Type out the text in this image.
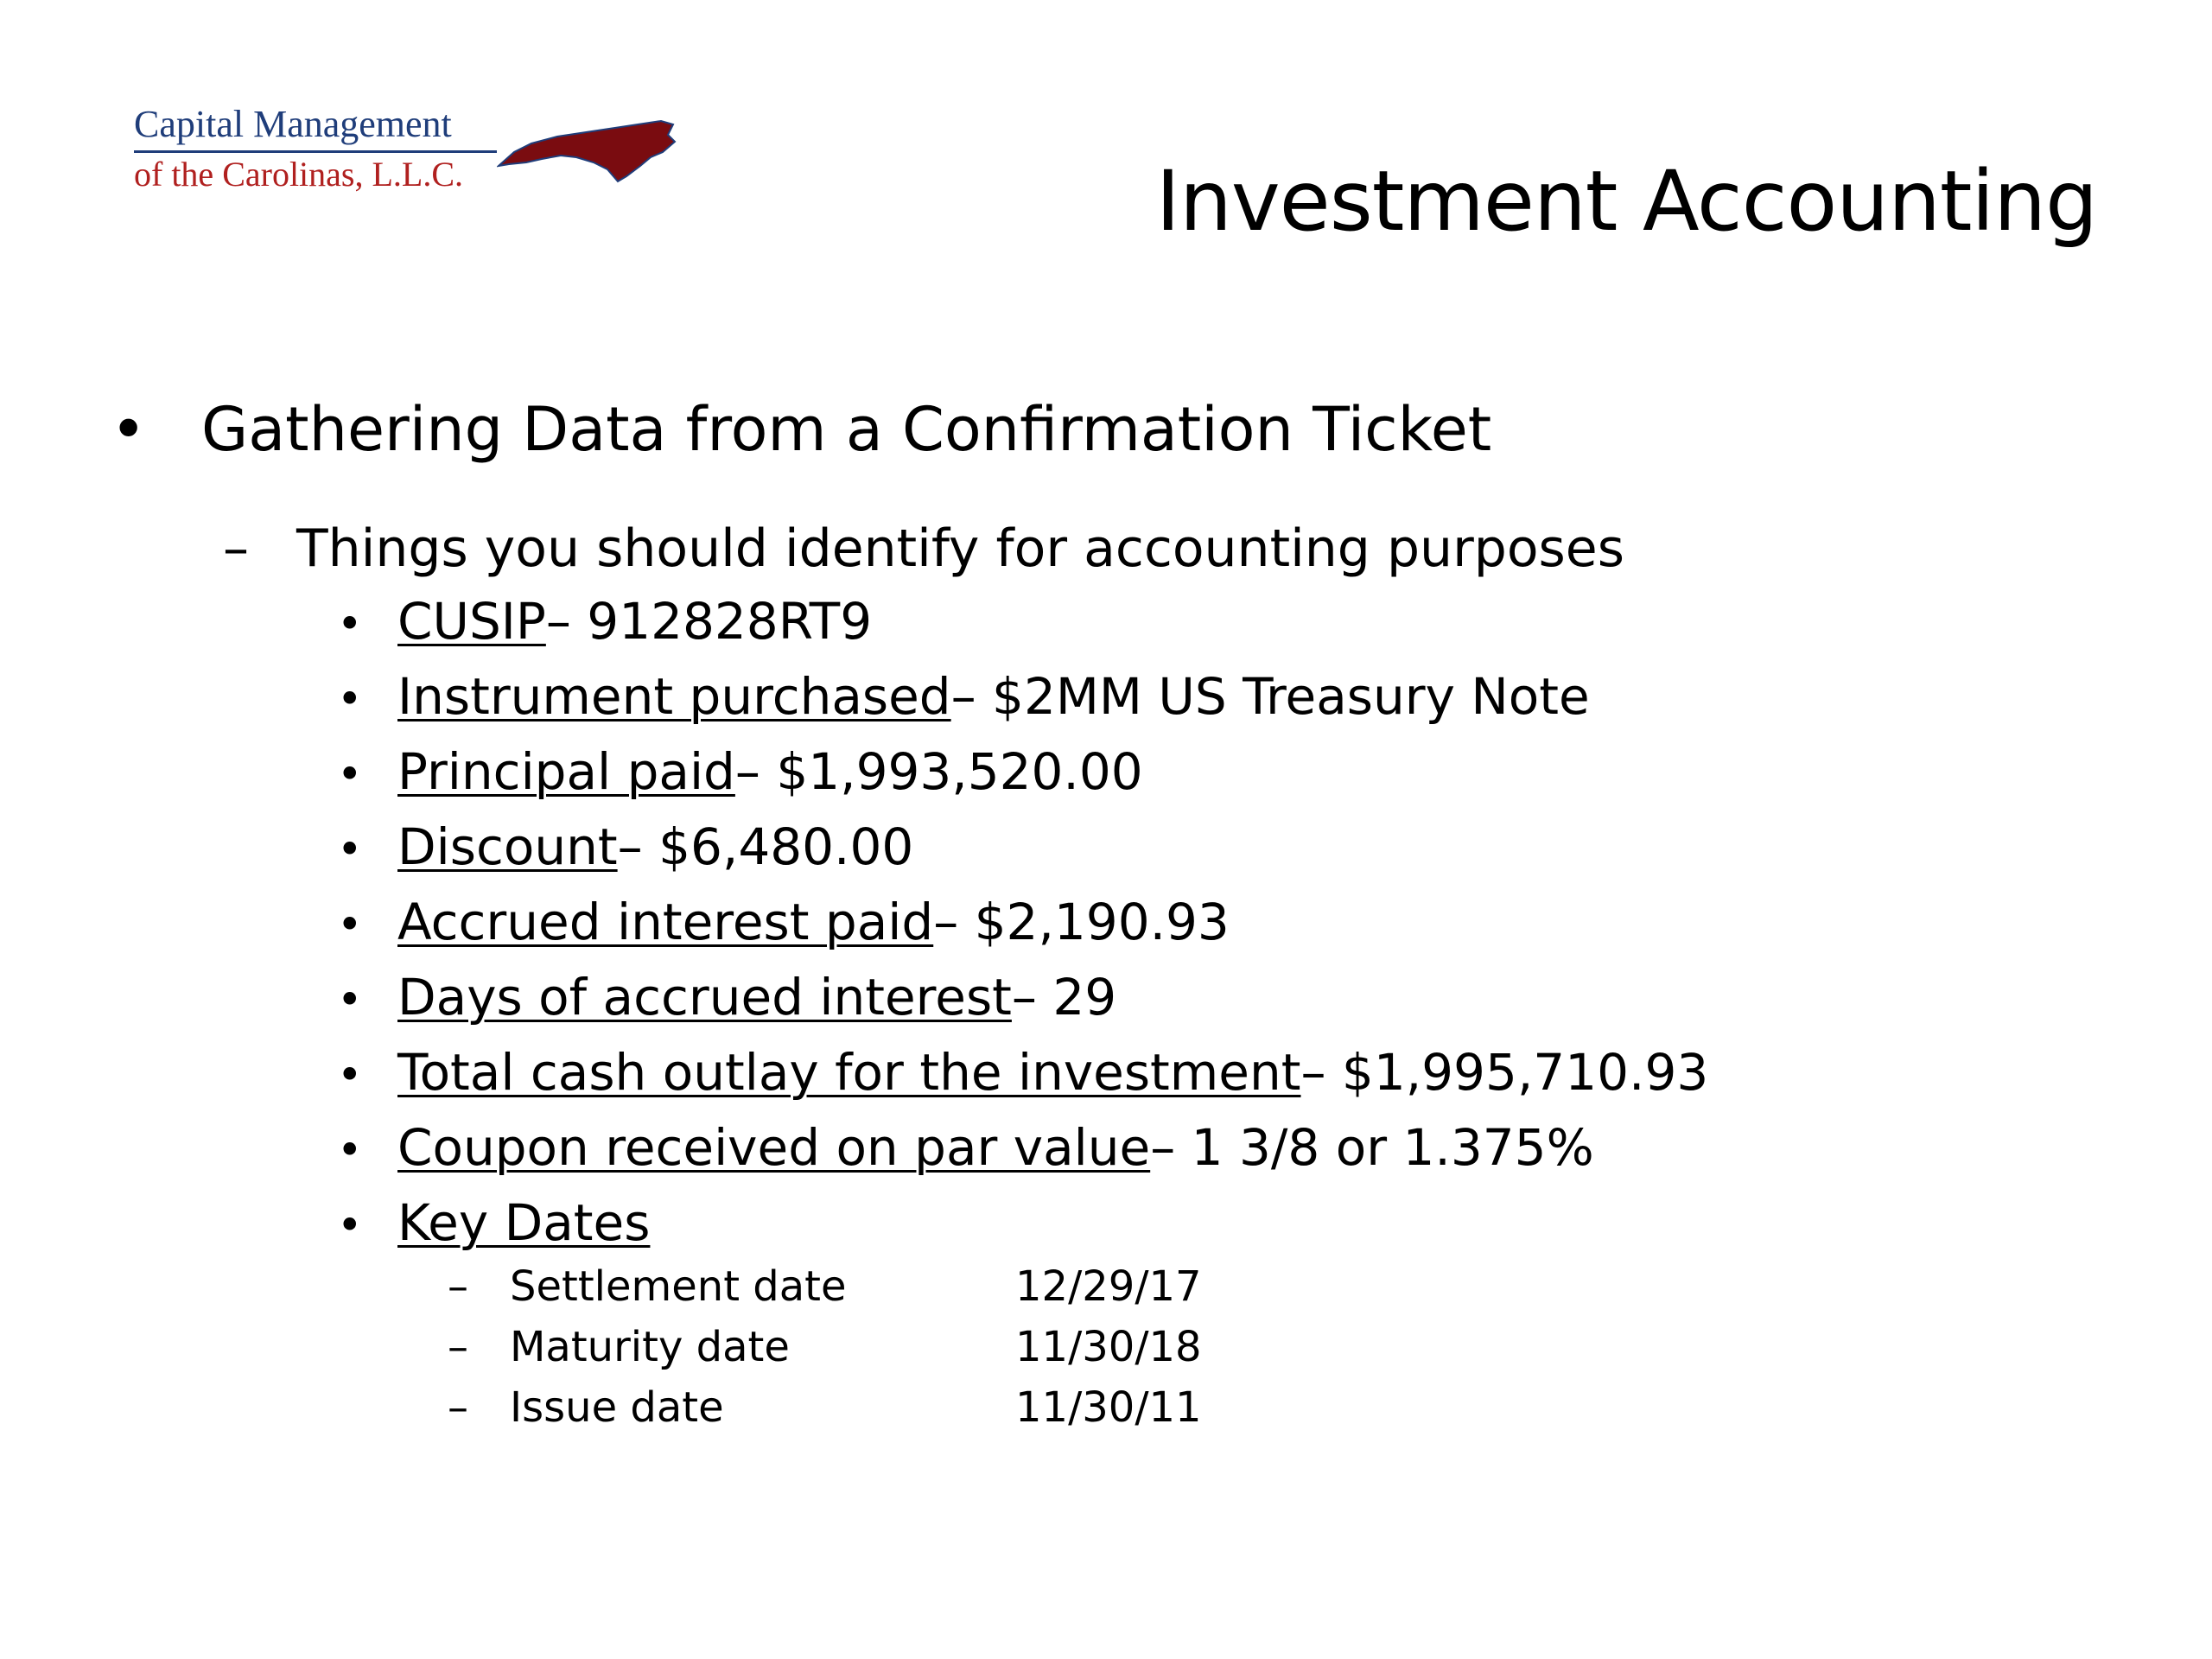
Capital Management
of the Carolinas, L.L.C.	Investment Accounting
• Gathering Data from a Confirmation Ticket
– Things you should identify for accounting purposes
• CUSIP – 912828RT9
• Instrument purchased – $2MM US Treasury Note
• Principal paid – $1,993,520.00
• Discount – $6,480.00
• Accrued interest paid – $2,190.93
• Days of accrued interest – 29
• Total cash outlay for the investment – $1,995,710.93
• Coupon received on par value – 1 3/8 or 1.375%
• Key Dates
–	Settlement date	12/29/17
–	Maturity date	11/30/18
–	Issue date	11/30/11
